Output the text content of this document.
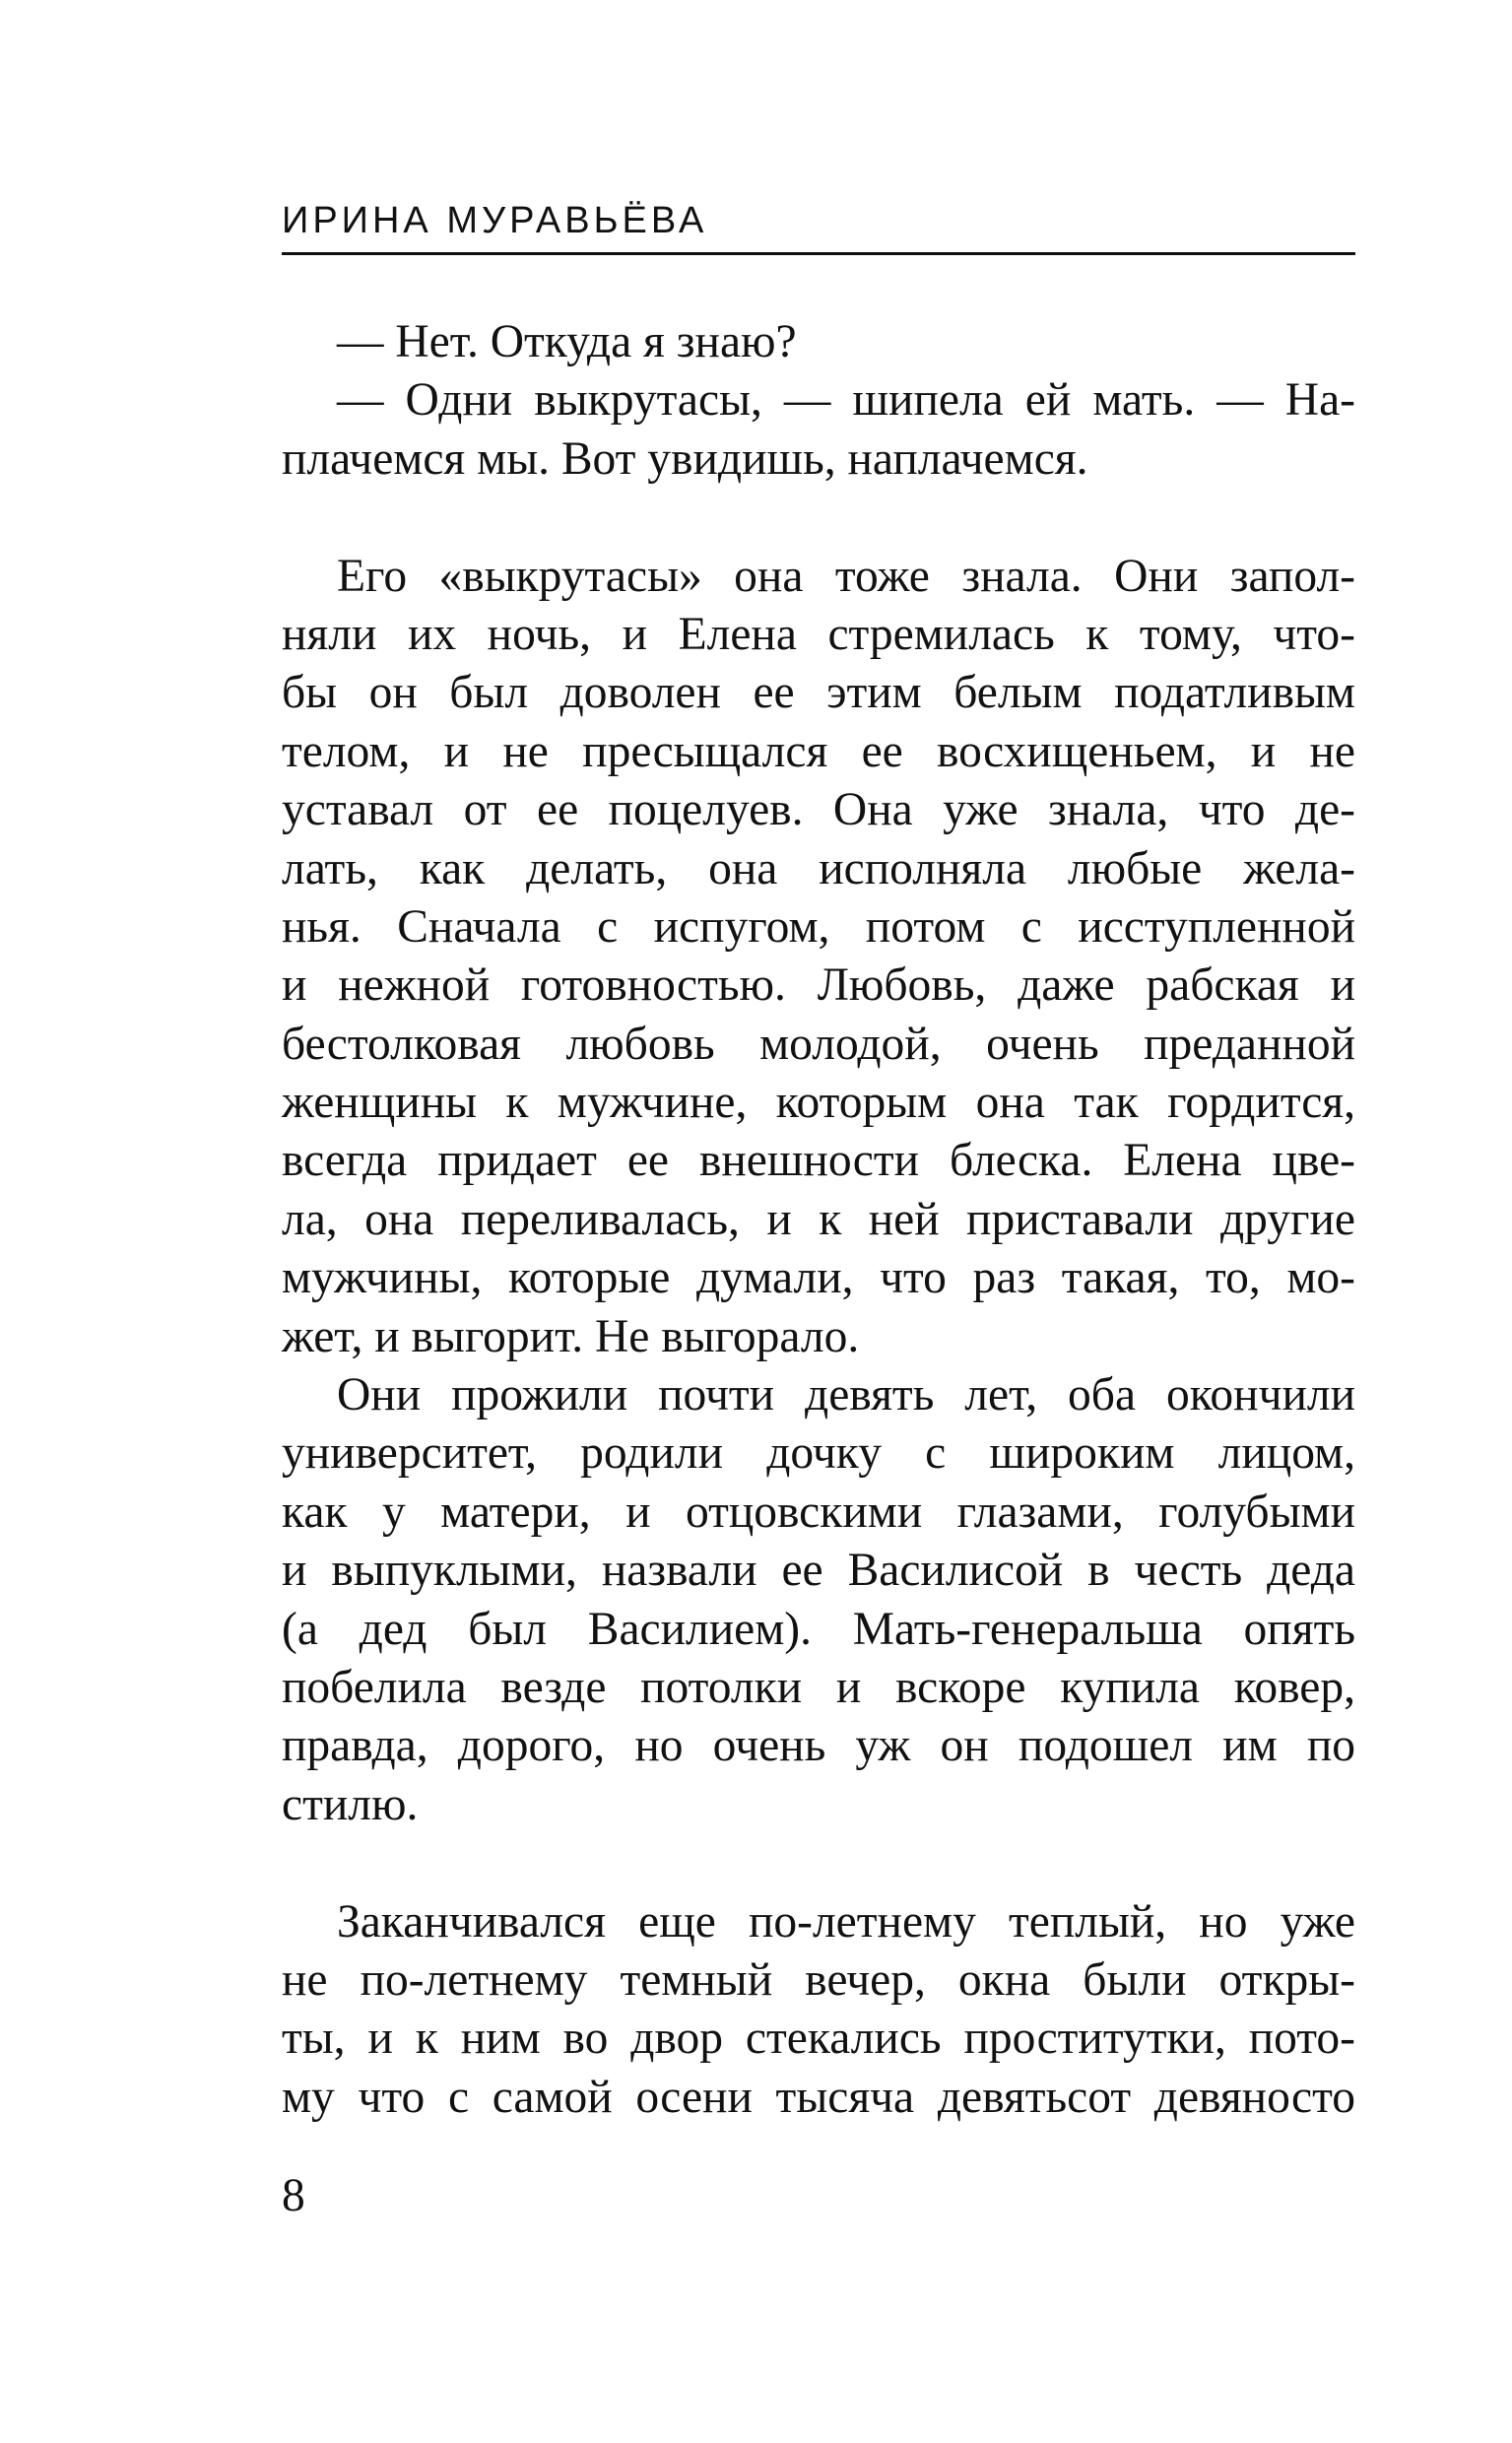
ИРИНА МУРАВЬЁВА
— Нет. Откуда я знаю?
— Одни выкрутасы, — шипела ей мать. — На-
плачемся мы. Вот увидишь, наплачемся.
Его «выкрутасы» она тоже знала. Они запол-
няли их ночь, и Елена стремилась к тому, что-
бы он был доволен ее этим белым податливым
телом, и не пресыщался ее восхищеньем, и не
уставал от ее поцелуев. Она уже знала, что де-
лать, как делать, она исполняла любые жела-
нья. Сначала с испугом, потом с исступленной
и нежной готовностью. Любовь, даже рабская и
бестолковая любовь молодой, очень преданной
женщины к мужчине, которым она так гордится,
всегда придает ее внешности блеска. Елена цве-
ла, она переливалась, и к ней приставали другие
мужчины, которые думали, что раз такая, то, мо-
жет, и выгорит. Не выгорало.
Они прожили почти девять лет, оба окончили
университет, родили дочку с широким лицом,
как у матери, и отцовскими глазами, голубыми
и выпуклыми, назвали ее Василисой в честь деда
(а дед был Василием). Мать-генеральша опять
побелила везде потолки и вскоре купила ковер,
правда, дорого, но очень уж он подошел им по
стилю.
Заканчивался еще по-летнему теплый, но уже
не по-летнему темный вечер, окна были откры-
ты, и к ним во двор стекались проститутки, пото-
му что с самой осени тысяча девятьсот девяносто
8
